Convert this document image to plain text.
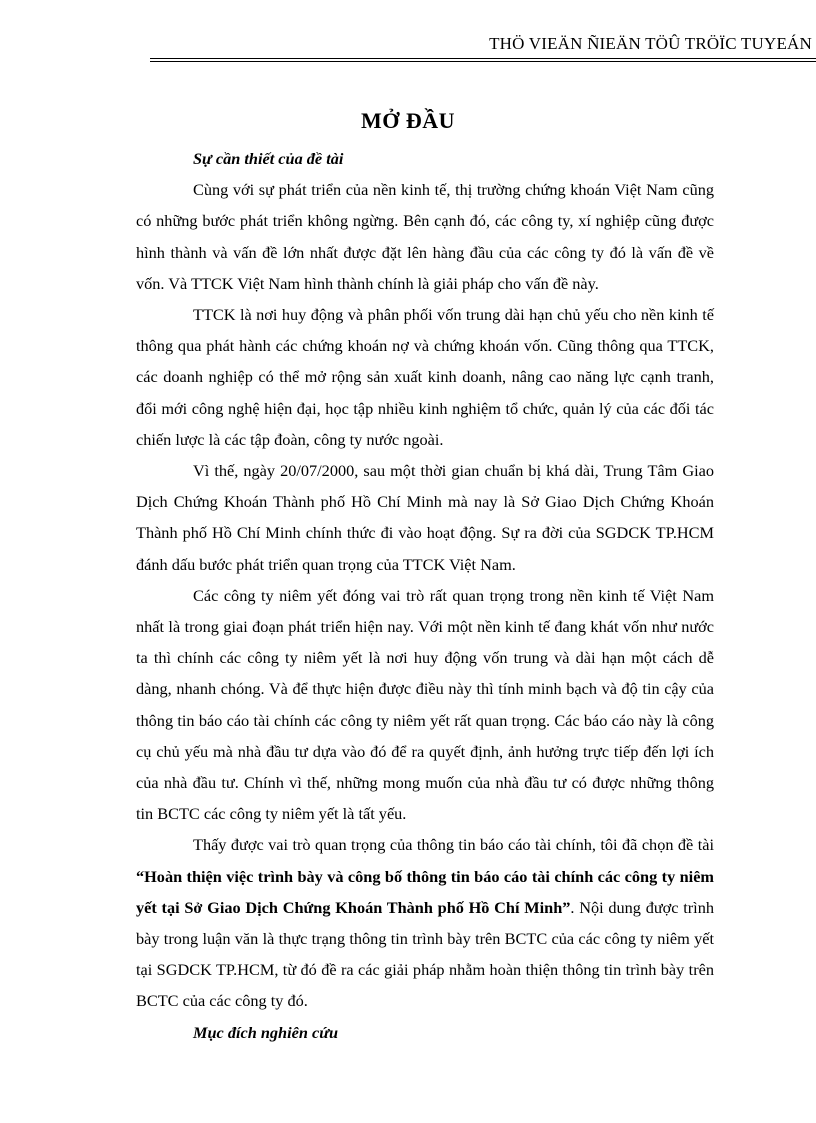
THÖ VIEÄN ÑIEÄN TÖÛ TRÖÏC TUYEÁN
MỞ ĐẦU

Sự cần thiết của đề tài

Cùng với sự phát triển của nền kinh tế, thị trường chứng khoán Việt Nam cũng có những bước phát triển không ngừng. Bên cạnh đó, các công ty, xí nghiệp cũng được hình thành và vấn đề lớn nhất được đặt lên hàng đầu của các công ty đó là vấn đề về vốn. Và TTCK Việt Nam hình thành chính là giải pháp cho vấn đề này.

TTCK là nơi huy động và phân phối vốn trung dài hạn chủ yếu cho nền kinh tế thông qua phát hành các chứng khoán nợ và chứng khoán vốn. Cũng thông qua TTCK, các doanh nghiệp có thể mở rộng sản xuất kinh doanh, nâng cao năng lực cạnh tranh, đổi mới công nghệ hiện đại, học tập nhiều kinh nghiệm tổ chức, quản lý của các đối tác chiến lược là các tập đoàn, công ty nước ngoài.

Vì thế, ngày 20/07/2000, sau một thời gian chuẩn bị khá dài, Trung Tâm Giao Dịch Chứng Khoán Thành phố Hồ Chí Minh mà nay là Sở Giao Dịch Chứng Khoán Thành phố Hồ Chí Minh chính thức đi vào hoạt động. Sự ra đời của SGDCK TP.HCM đánh dấu bước phát triển quan trọng của TTCK Việt Nam.

Các công ty niêm yết đóng vai trò rất quan trọng trong nền kinh tế Việt Nam nhất là trong giai đoạn phát triển hiện nay. Với một nền kinh tế đang khát vốn như nước ta thì chính các công ty niêm yết là nơi huy động vốn trung và dài hạn một cách dễ dàng, nhanh chóng. Và để thực hiện được điều này thì tính minh bạch và độ tin cậy của thông tin báo cáo tài chính các công ty niêm yết rất quan trọng. Các báo cáo này là công cụ chủ yếu mà nhà đầu tư dựa vào đó để ra quyết định, ảnh hưởng trực tiếp đến lợi ích của nhà đầu tư. Chính vì thế, những mong muốn của nhà đầu tư có được những thông tin BCTC các công ty niêm yết là tất yếu.

Thấy được vai trò quan trọng của thông tin báo cáo tài chính, tôi đã chọn đề tài “Hoàn thiện việc trình bày và công bố thông tin báo cáo tài chính các công ty niêm yết tại Sở Giao Dịch Chứng Khoán Thành phố Hồ Chí Minh”. Nội dung được trình bày trong luận văn là thực trạng thông tin trình bày trên BCTC của các công ty niêm yết tại SGDCK TP.HCM, từ đó đề ra các giải pháp nhằm hoàn thiện thông tin trình bày trên BCTC của các công ty đó.

Mục đích nghiên cứu
